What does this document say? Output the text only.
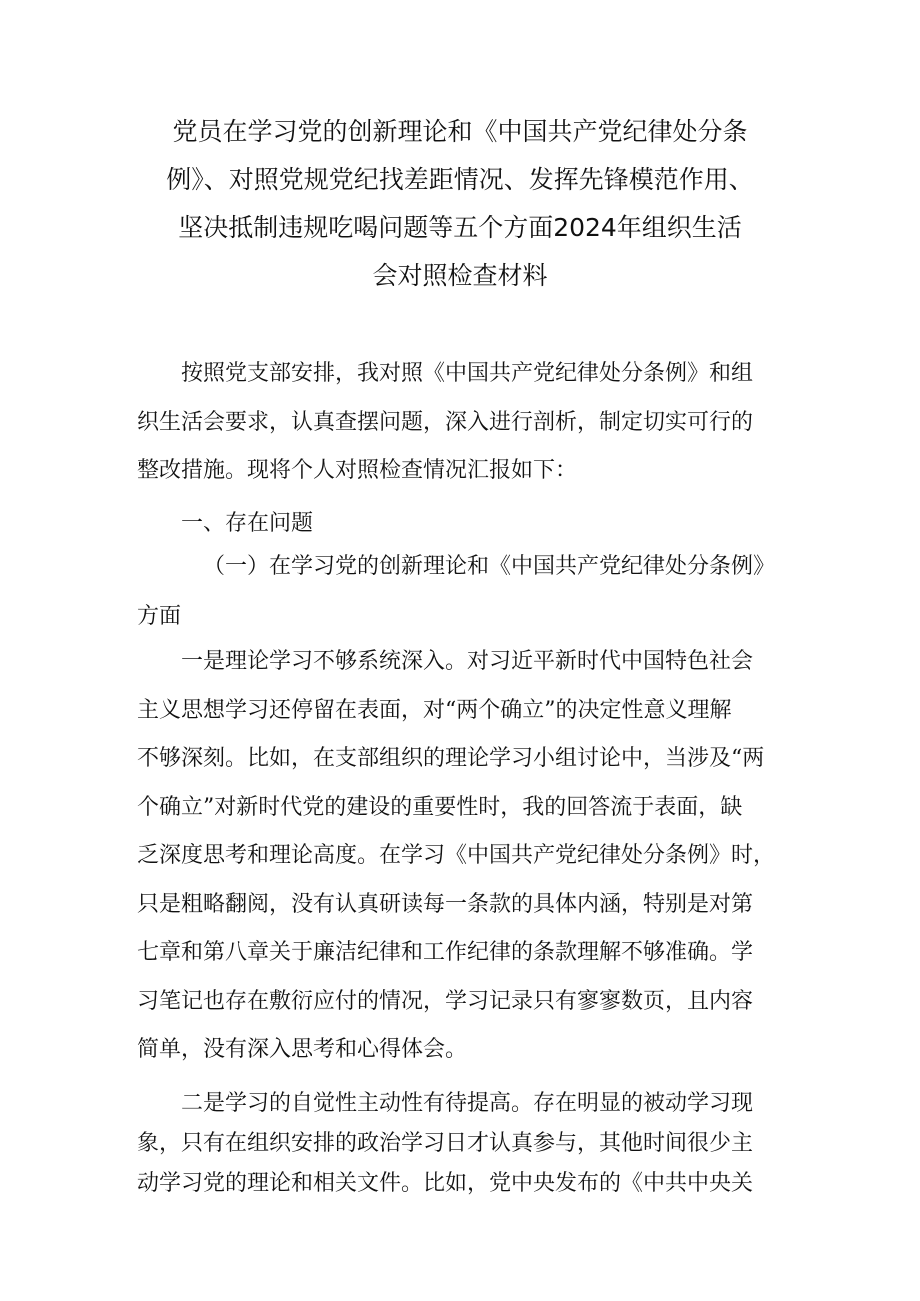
党员在学习党的创新理论和《中国共产党纪律处分条
例》、对照党规党纪找差距情况、发挥先锋模范作用、
坚决抵制违规吃喝问题等五个方面2024年组织生活
会对照检查材料
按照党支部安排，我对照《中国共产党纪律处分条例》和组
织生活会要求，认真查摆问题，深入进行剖析，制定切实可行的
整改措施。现将个人对照检查情况汇报如下：
一、存在问题
（一）在学习党的创新理论和《中国共产党纪律处分条例》
方面
一是理论学习不够系统深入。对习近平新时代中国特色社会
主义思想学习还停留在表面，对“两个确立”的决定性意义理解
不够深刻。比如，在支部组织的理论学习小组讨论中，当涉及“两
个确立”对新时代党的建设的重要性时，我的回答流于表面，缺
乏深度思考和理论高度。在学习《中国共产党纪律处分条例》时，
只是粗略翻阅，没有认真研读每一条款的具体内涵，特别是对第
七章和第八章关于廉洁纪律和工作纪律的条款理解不够准确。学
习笔记也存在敷衍应付的情况，学习记录只有寥寥数页，且内容
简单，没有深入思考和心得体会。
二是学习的自觉性主动性有待提高。存在明显的被动学习现
象，只有在组织安排的政治学习日才认真参与，其他时间很少主
动学习党的理论和相关文件。比如，党中央发布的《中共中央关
